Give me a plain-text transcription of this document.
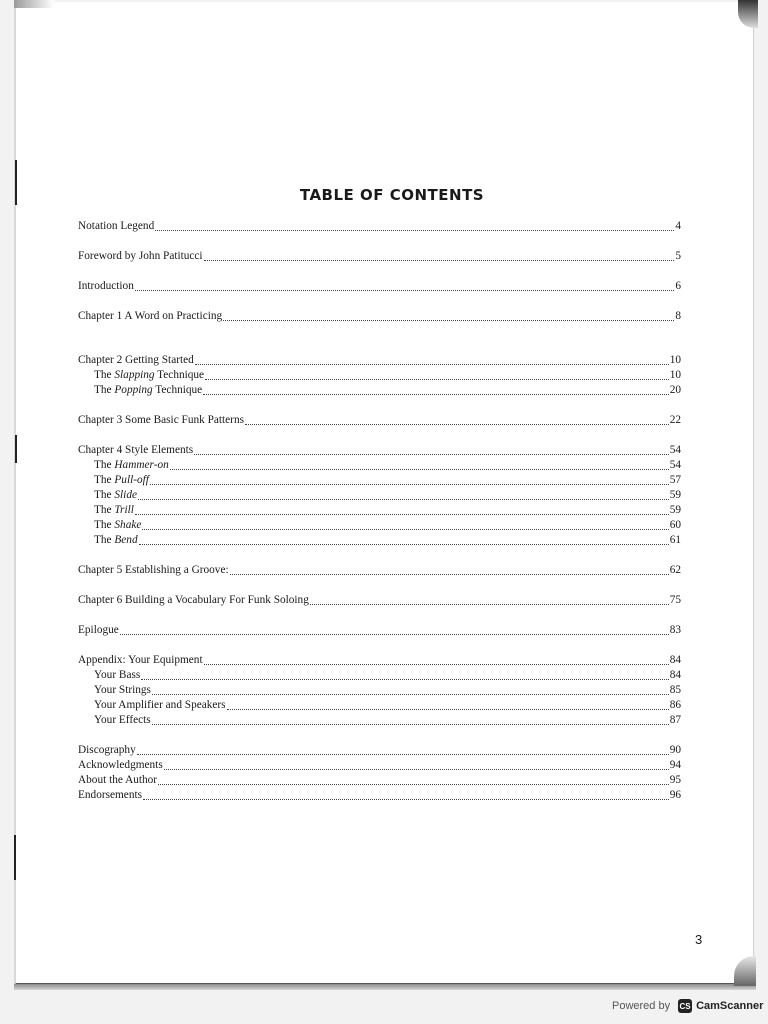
TABLE OF CONTENTS
Notation Legend	4
Foreword by John Patitucci	5
Introduction	6
Chapter 1 A Word on Practicing	8
Chapter 2 Getting Started	10
The Slapping Technique	10
The Popping Technique	20
Chapter 3 Some Basic Funk Patterns	22
Chapter 4 Style Elements	54
The Hammer-on	54
The Pull-off	57
The Slide	59
The Trill	59
The Shake	60
The Bend	61
Chapter 5 Establishing a Groove:	62
Chapter 6 Building a Vocabulary For Funk Soloing	75
Epilogue	83
Appendix: Your Equipment	84
Your Bass	84
Your Strings	85
Your Amplifier and Speakers	86
Your Effects	87
Discography	90
Acknowledgments	94
About the Author	95
Endorsements	96
3
Powered by CS CamScanner
